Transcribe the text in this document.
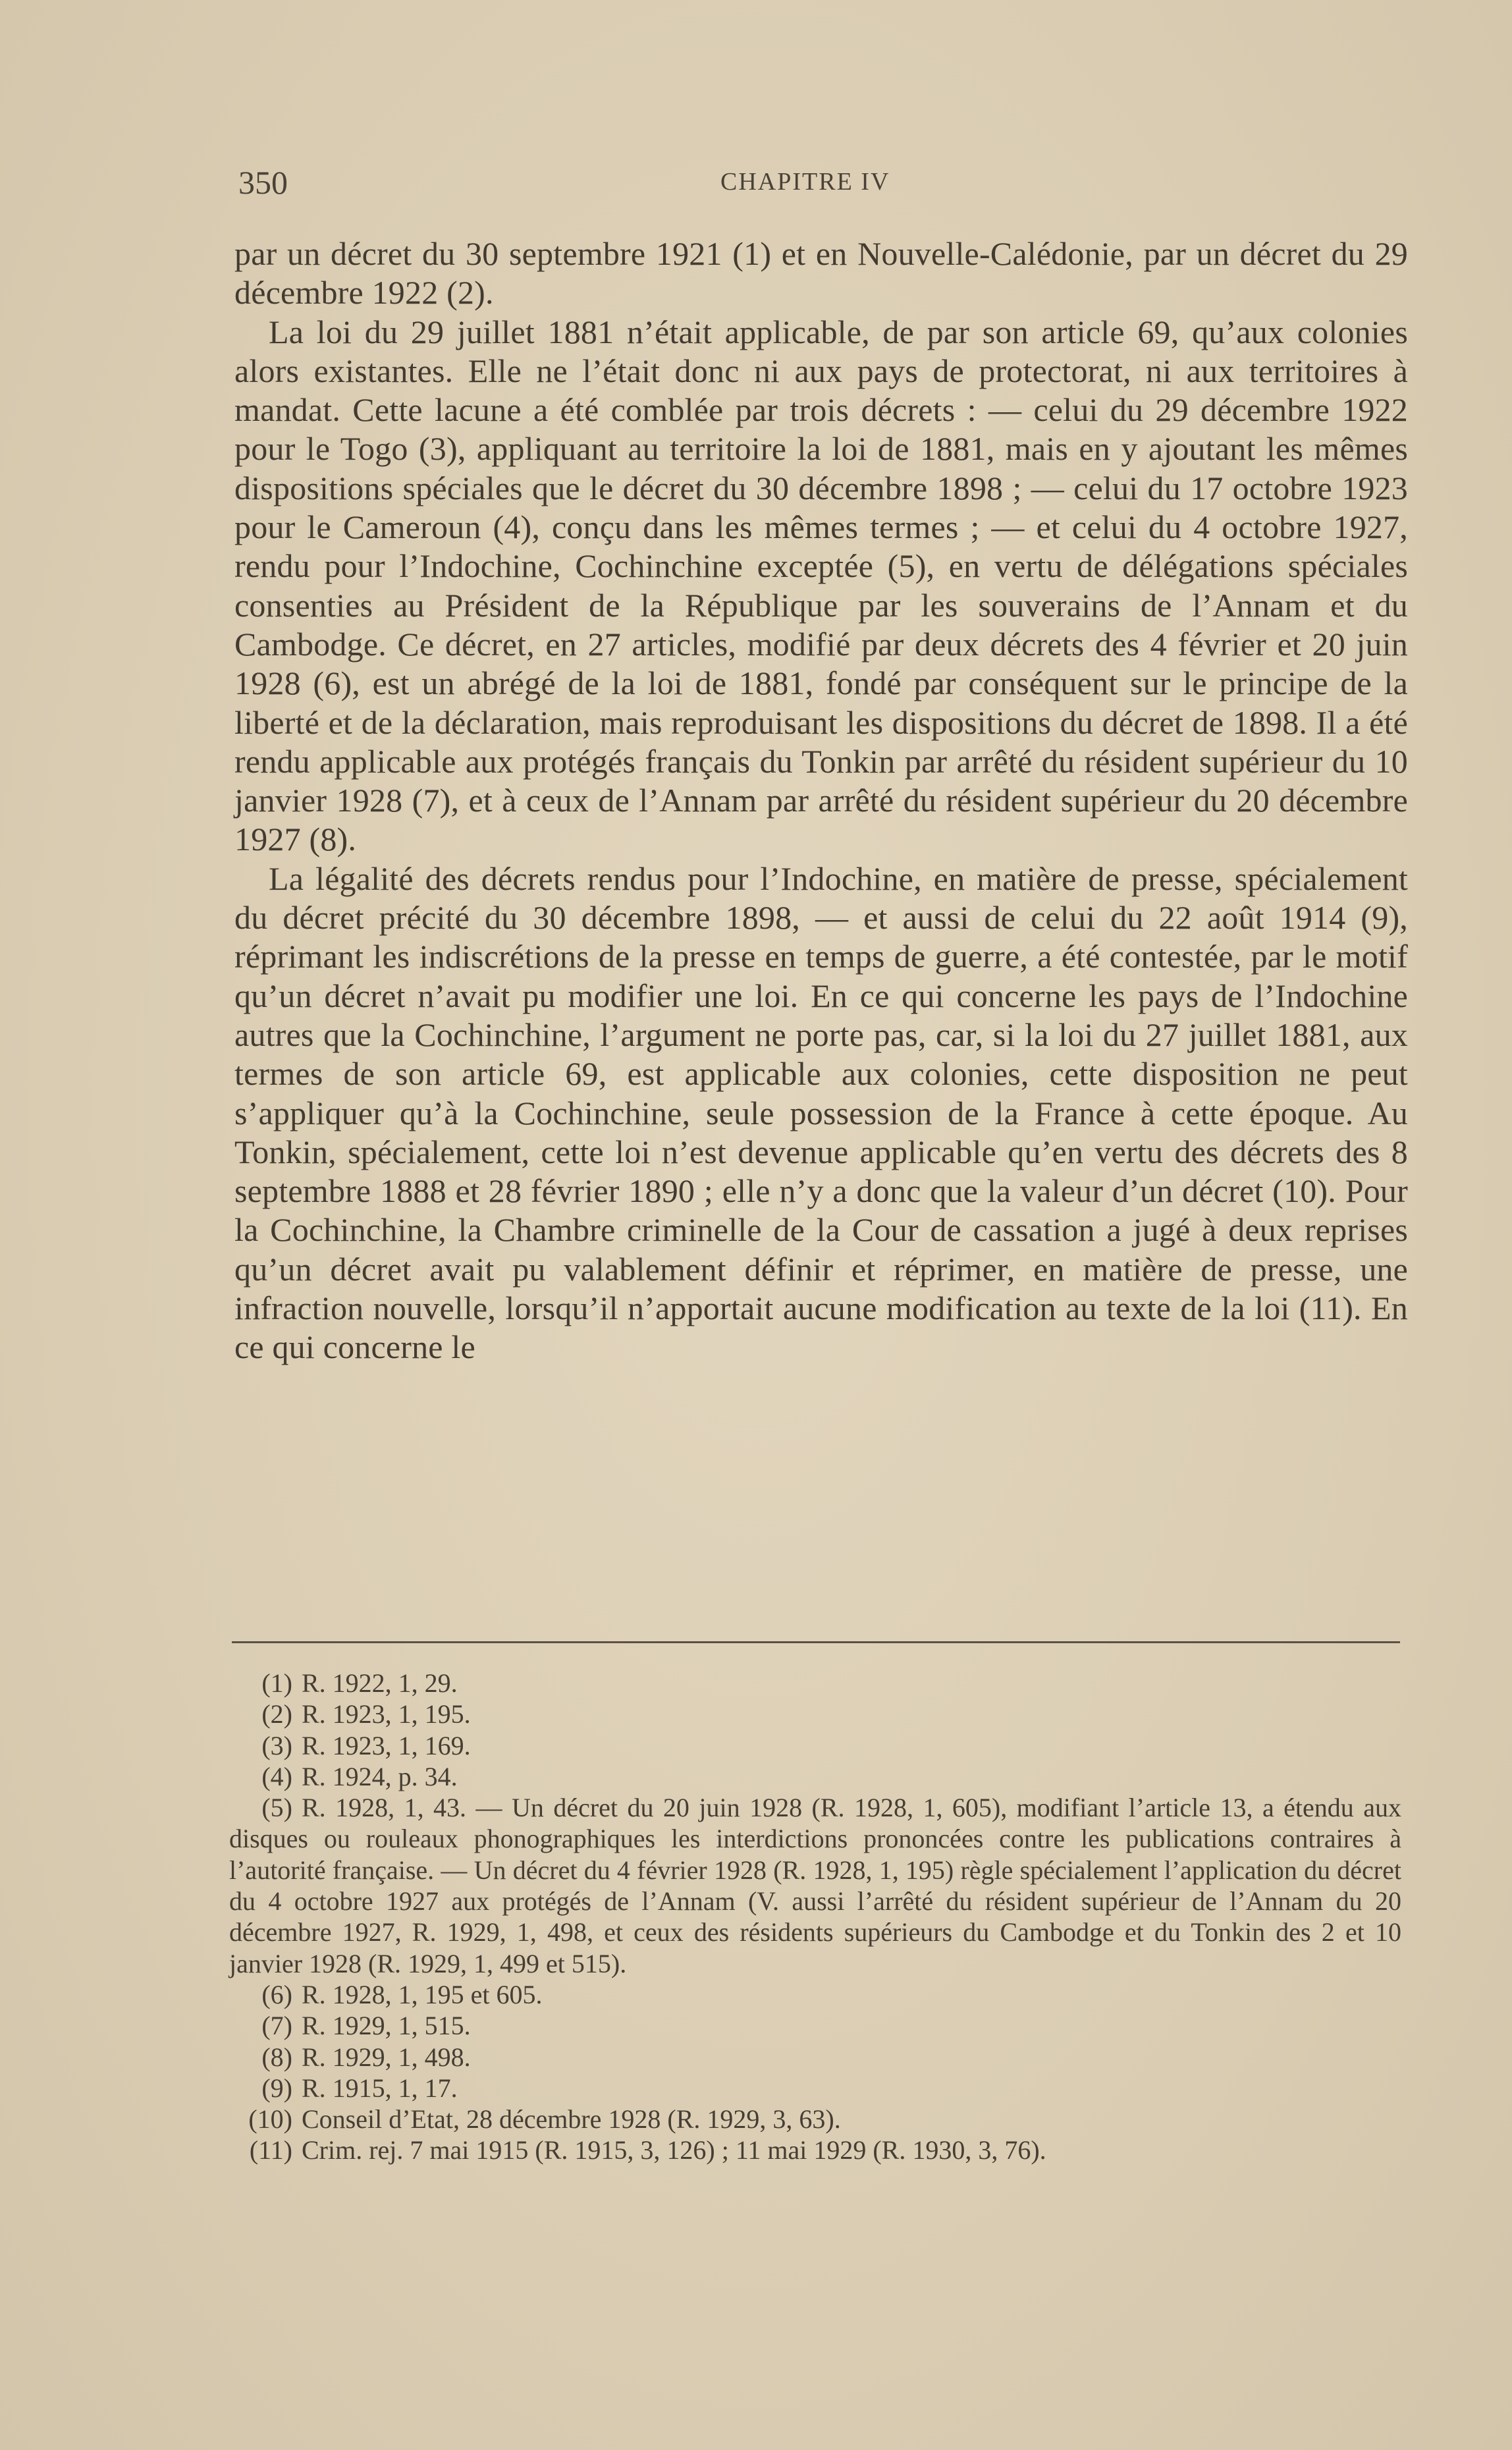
350	CHAPITRE IV

par un décret du 30 septembre 1921 (1) et en Nouvelle-Calédonie, par un décret du 29 décembre 1922 (2).

La loi du 29 juillet 1881 n’était applicable, de par son article 69, qu’aux colonies alors existantes. Elle ne l’était donc ni aux pays de protectorat, ni aux territoires à mandat. Cette lacune a été comblée par trois décrets : — celui du 29 décembre 1922 pour le Togo (3), appliquant au territoire la loi de 1881, mais en y ajoutant les mêmes dispositions spéciales que le décret du 30 décembre 1898 ; — celui du 17 octobre 1923 pour le Cameroun (4), conçu dans les mêmes termes ; — et celui du 4 octobre 1927, rendu pour l’Indochine, Cochinchine exceptée (5), en vertu de délégations spéciales consenties au Président de la République par les souverains de l’Annam et du Cambodge. Ce décret, en 27 articles, modifié par deux décrets des 4 février et 20 juin 1928 (6), est un abrégé de la loi de 1881, fondé par conséquent sur le principe de la liberté et de la déclaration, mais reproduisant les dispositions du décret de 1898. Il a été rendu applicable aux protégés français du Tonkin par arrêté du résident supérieur du 10 janvier 1928 (7), et à ceux de l’Annam par arrêté du résident supérieur du 20 décembre 1927 (8).

La légalité des décrets rendus pour l’Indochine, en matière de presse, spécialement du décret précité du 30 décembre 1898, — et aussi de celui du 22 août 1914 (9), réprimant les indiscrétions de la presse en temps de guerre, a été contestée, par le motif qu’un décret n’avait pu modifier une loi. En ce qui concerne les pays de l’Indochine autres que la Cochinchine, l’argument ne porte pas, car, si la loi du 27 juillet 1881, aux termes de son article 69, est applicable aux colonies, cette disposition ne peut s’appliquer qu’à la Cochinchine, seule possession de la France à cette époque. Au Tonkin, spécialement, cette loi n’est devenue applicable qu’en vertu des décrets des 8 septembre 1888 et 28 février 1890 ; elle n’y a donc que la valeur d’un décret (10). Pour la Cochinchine, la Chambre criminelle de la Cour de cassation a jugé à deux reprises qu’un décret avait pu valablement définir et réprimer, en matière de presse, une infraction nouvelle, lorsqu’il n’apportait aucune modification au texte de la loi (11). En ce qui concerne le

(1) R. 1922, 1, 29.
(2) R. 1923, 1, 195.
(3) R. 1923, 1, 169.
(4) R. 1924, p. 34.
(5) R. 1928, 1, 43. — Un décret du 20 juin 1928 (R. 1928, 1, 605), modifiant l’article 13, a étendu aux disques ou rouleaux phonographiques les interdictions prononcées contre les publications contraires à l’autorité française. — Un décret du 4 février 1928 (R. 1928, 1, 195) règle spécialement l’application du décret du 4 octobre 1927 aux protégés de l’Annam (V. aussi l’arrêté du résident supérieur de l’Annam du 20 décembre 1927, R. 1929, 1, 498, et ceux des résidents supérieurs du Cambodge et du Tonkin des 2 et 10 janvier 1928 (R. 1929, 1, 499 et 515).
(6) R. 1928, 1, 195 et 605.
(7) R. 1929, 1, 515.
(8) R. 1929, 1, 498.
(9) R. 1915, 1, 17.
(10) Conseil d’Etat, 28 décembre 1928 (R. 1929, 3, 63).
(11) Crim. rej. 7 mai 1915 (R. 1915, 3, 126) ; 11 mai 1929 (R. 1930, 3, 76).
